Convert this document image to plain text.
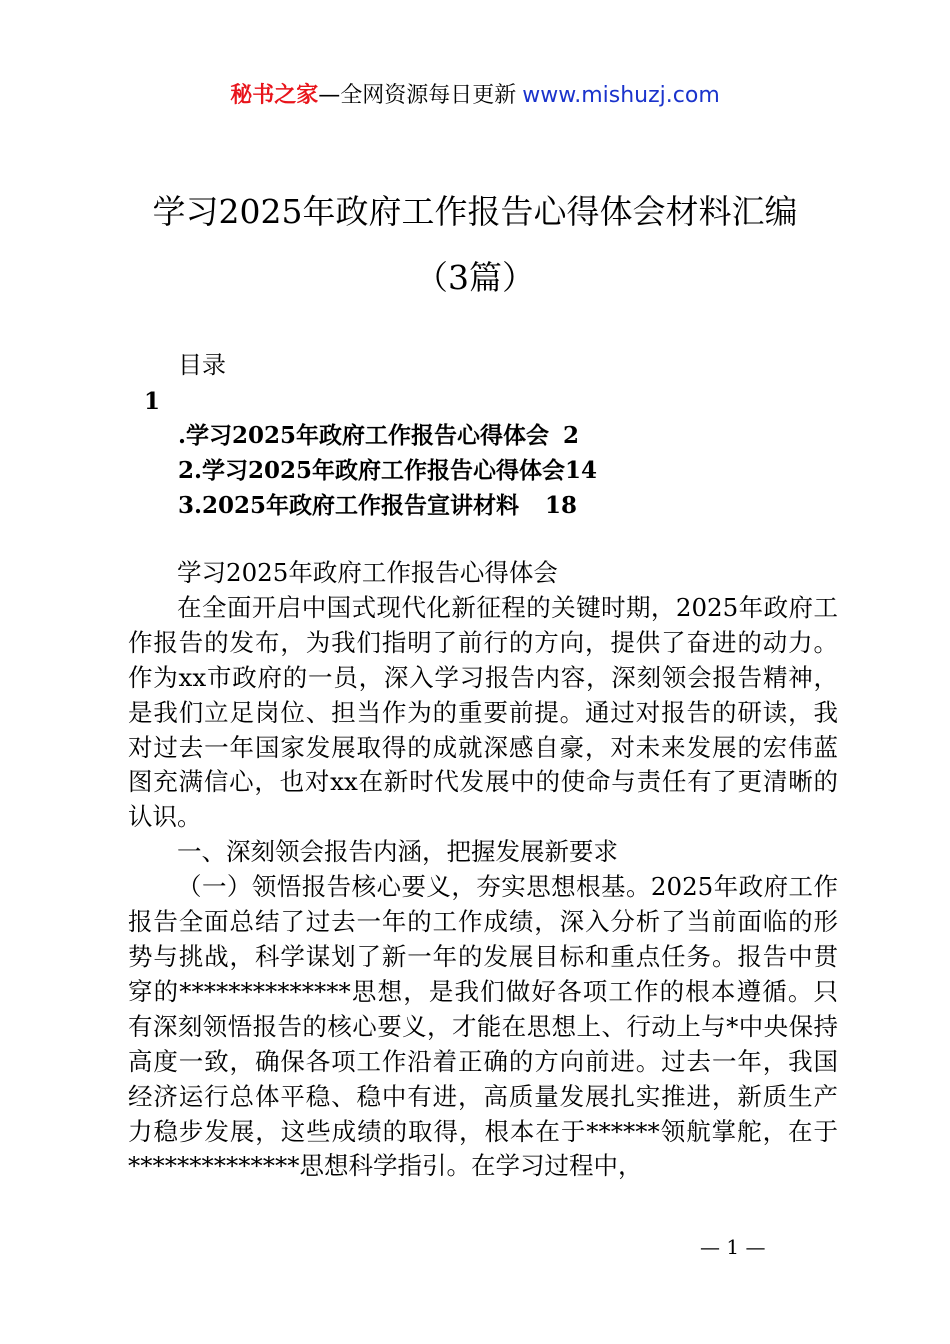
秘书之家—全网资源每日更新 www.mishuzj.com
学习2025年政府工作报告心得体会材料汇编
（3篇）
目录
1
.学习2025年政府工作报告心得体会 2
2.学习2025年政府工作报告心得体会14
3.2025年政府工作报告宣讲材料 18

学习2025年政府工作报告心得体会

在全面开启中国式现代化新征程的关键时期，2025年政府工作报告的发布，为我们指明了前行的方向，提供了奋进的动力。作为xx市政府的一员，深入学习报告内容，深刻领会报告精神，是我们立足岗位、担当作为的重要前提。通过对报告的研读，我对过去一年国家发展取得的成就深感自豪，对未来发展的宏伟蓝图充满信心，也对xx在新时代发展中的使命与责任有了更清晰的认识。

一、深刻领会报告内涵，把握发展新要求

（一）领悟报告核心要义，夯实思想根基。2025年政府工作报告全面总结了过去一年的工作成绩，深入分析了当前面临的形势与挑战，科学谋划了新一年的发展目标和重点任务。报告中贯穿的**************思想，是我们做好各项工作的根本遵循。只有深刻领悟报告的核心要义，才能在思想上、行动上与*中央保持高度一致，确保各项工作沿着正确的方向前进。过去一年，我国经济运行总体平稳、稳中有进，高质量发展扎实推进，新质生产力稳步发展，这些成绩的取得，根本在于******领航掌舵，在于**************思想科学指引。在学习过程中，

— 1 —
